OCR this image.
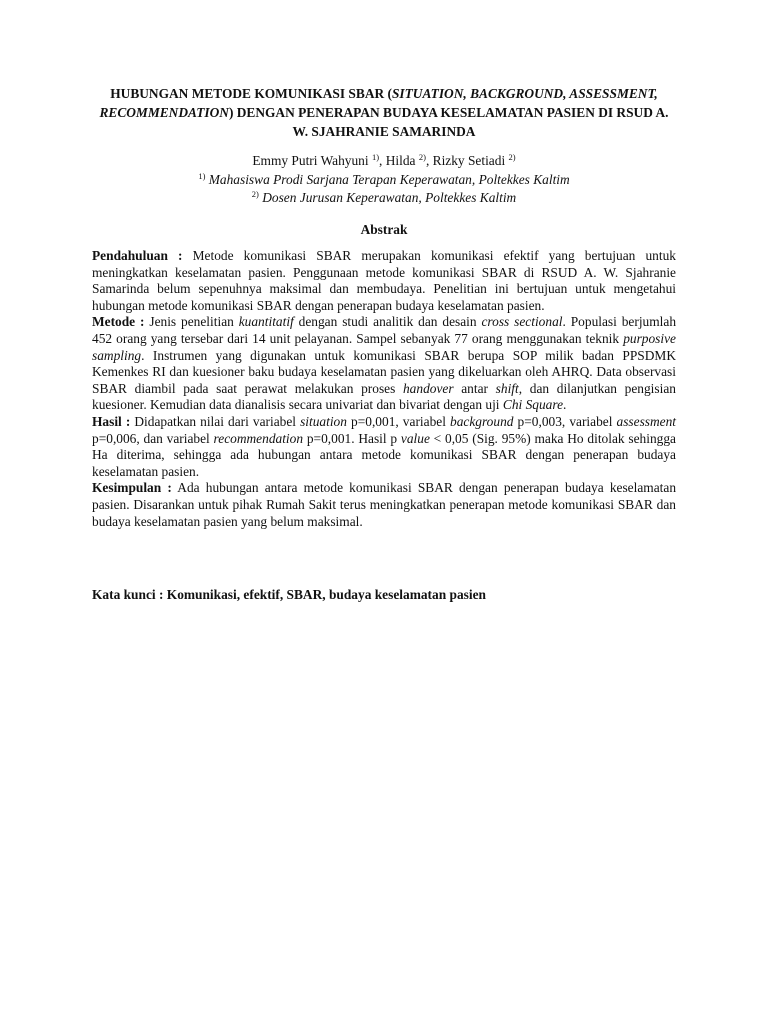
HUBUNGAN METODE KOMUNIKASI SBAR (SITUATION, BACKGROUND, ASSESSMENT, RECOMMENDATION) DENGAN PENERAPAN BUDAYA KESELAMATAN PASIEN DI RSUD A. W. SJAHRANIE SAMARINDA
Emmy Putri Wahyuni $^{1)}$, Hilda $^{2)}$, Rizky Setiadi $^{2)}$
$^{1)}$ Mahasiswa Prodi Sarjana Terapan Keperawatan, Poltekkes Kaltim
$^{2)}$ Dosen Jurusan Keperawatan, Poltekkes Kaltim
Abstrak

Pendahuluan : Metode komunikasi SBAR merupakan komunikasi efektif yang bertujuan untuk meningkatkan keselamatan pasien. Penggunaan metode komunikasi SBAR di RSUD A. W. Sjahranie Samarinda belum sepenuhnya maksimal dan membudaya. Penelitian ini bertujuan untuk mengetahui hubungan metode komunikasi SBAR dengan penerapan budaya keselamatan pasien.

Metode : Jenis penelitian kuantitatif dengan studi analitik dan desain cross sectional. Populasi berjumlah 452 orang yang tersebar dari 14 unit pelayanan. Sampel sebanyak 77 orang menggunakan teknik purposive sampling. Instrumen yang digunakan untuk komunikasi SBAR berupa SOP milik badan PPSDMK Kemenkes RI dan kuesioner baku budaya keselamatan pasien yang dikeluarkan oleh AHRQ. Data observasi SBAR diambil pada saat perawat melakukan proses handover antar shift, dan dilanjutkan pengisian kuesioner. Kemudian data dianalisis secara univariat dan bivariat dengan uji Chi Square.

Hasil : Didapatkan nilai dari variabel situation p=0,001, variabel background p=0,003, variabel assessment p=0,006, dan variabel recommendation p=0,001. Hasil p value < 0,05 (Sig. 95%) maka Ho ditolak sehingga Ha diterima, sehingga ada hubungan antara metode komunikasi SBAR dengan penerapan budaya keselamatan pasien.

Kesimpulan : Ada hubungan antara metode komunikasi SBAR dengan penerapan budaya keselamatan pasien. Disarankan untuk pihak Rumah Sakit terus meningkatkan penerapan metode komunikasi SBAR dan budaya keselamatan pasien yang belum maksimal.

Kata kunci : Komunikasi, efektif, SBAR, budaya keselamatan pasien
